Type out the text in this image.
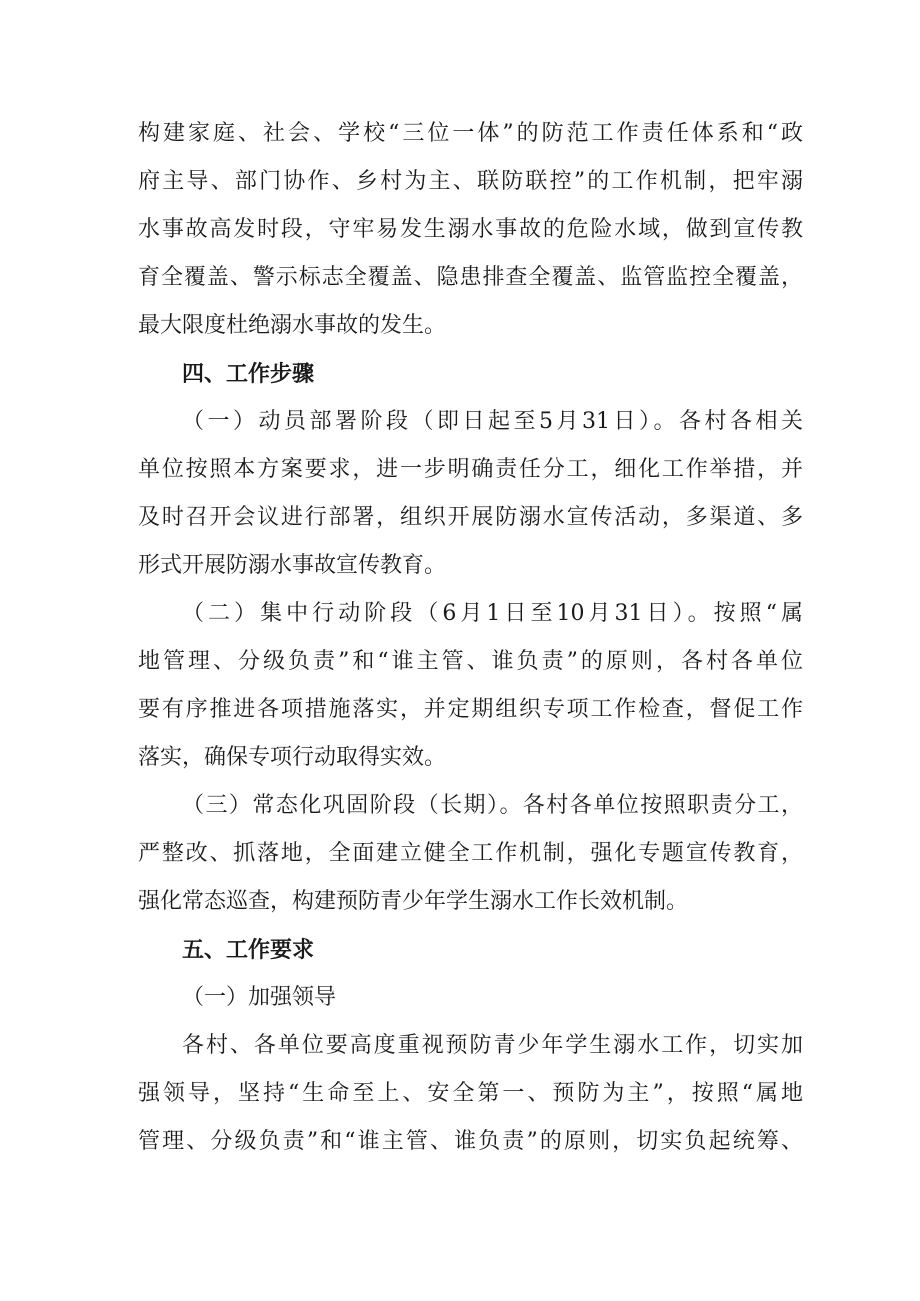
构建家庭、社会、学校“三位一体”的防范工作责任体系和“政
府主导、部门协作、乡村为主、联防联控”的工作机制，把牢溺
水事故高发时段，守牢易发生溺水事故的危险水域，做到宣传教
育全覆盖、警示标志全覆盖、隐患排查全覆盖、监管监控全覆盖，
最大限度杜绝溺水事故的发生。
四、工作步骤
（一）动员部署阶段（即日起至5月31日）。各村各相关
单位按照本方案要求，进一步明确责任分工，细化工作举措，并
及时召开会议进行部署，组织开展防溺水宣传活动，多渠道、多
形式开展防溺水事故宣传教育。
（二）集中行动阶段（6月1日至10月31日）。按照“属
地管理、分级负责”和“谁主管、谁负责”的原则，各村各单位
要有序推进各项措施落实，并定期组织专项工作检查，督促工作
落实，确保专项行动取得实效。
（三）常态化巩固阶段（长期）。各村各单位按照职责分工，
严整改、抓落地，全面建立健全工作机制，强化专题宣传教育，
强化常态巡查，构建预防青少年学生溺水工作长效机制。
五、工作要求
（一）加强领导
各村、各单位要高度重视预防青少年学生溺水工作，切实加
强领导，坚持“生命至上、安全第一、预防为主”，按照“属地
管理、分级负责”和“谁主管、谁负责”的原则，切实负起统筹、
